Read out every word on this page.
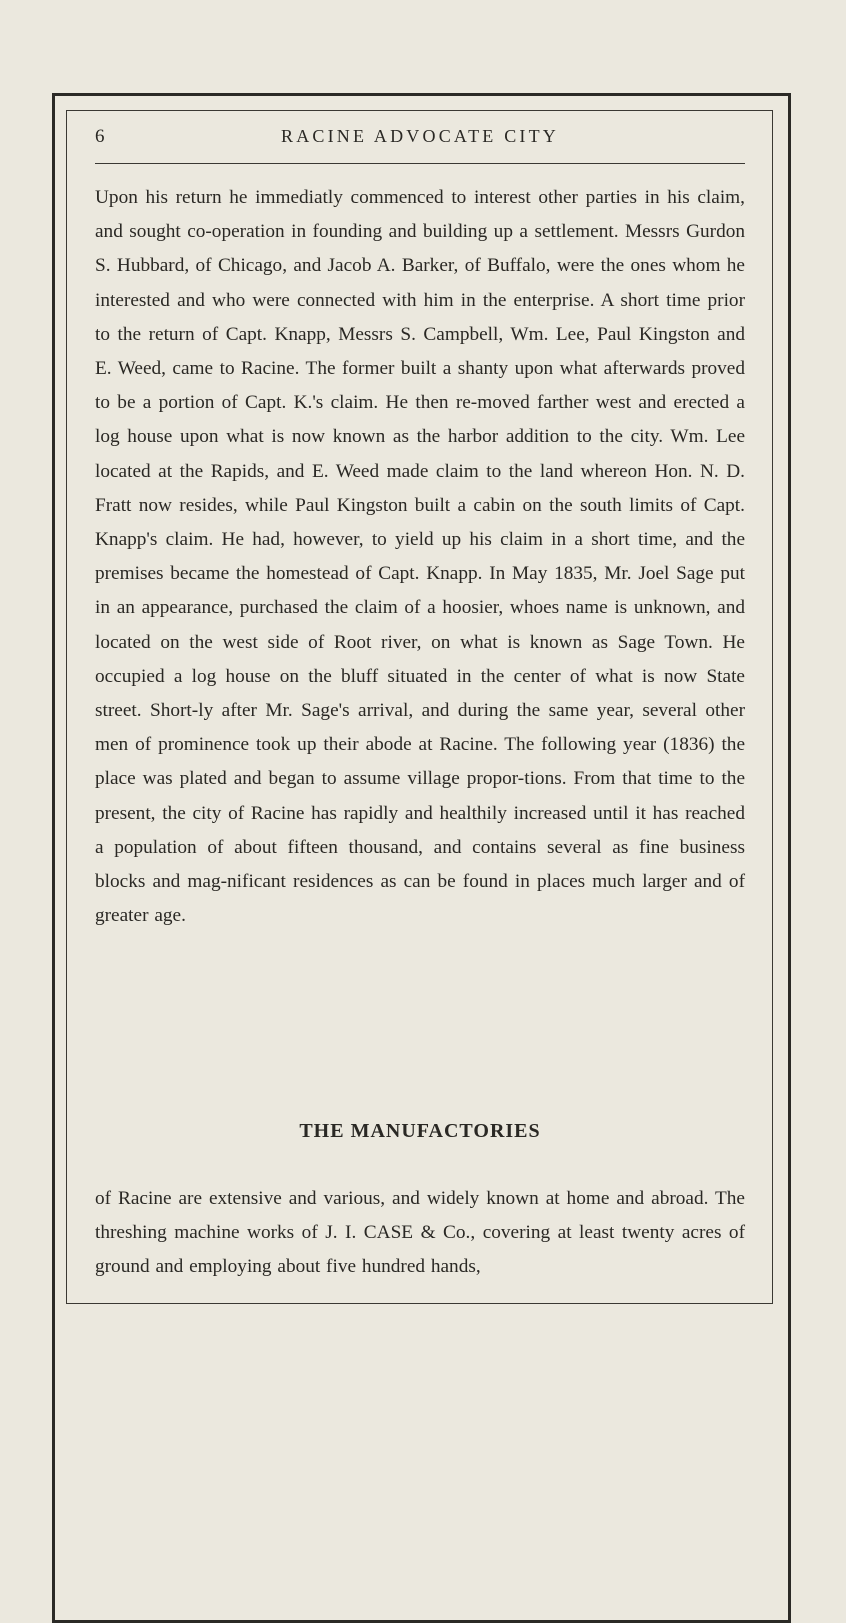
6	RACINE ADVOCATE CITY

Upon his return he immediatly commenced to interest other parties in his claim, and sought co-operation in founding and building up a settlement. Messrs Gurdon S. Hubbard, of Chicago, and Jacob A. Barker, of Buffalo, were the ones whom he interested and who were connected with him in the enterprise. A short time prior to the return of Capt. Knapp, Messrs S. Campbell, Wm. Lee, Paul Kingston and E. Weed, came to Racine. The former built a shanty upon what afterwards proved to be a portion of Capt. K.'s claim. He then re-moved farther west and erected a log house upon what is now known as the harbor addition to the city. Wm. Lee located at the Rapids, and E. Weed made claim to the land whereon Hon. N. D. Fratt now resides, while Paul Kingston built a cabin on the south limits of Capt. Knapp's claim. He had, however, to yield up his claim in a short time, and the premises became the homestead of Capt. Knapp. In May 1835, Mr. Joel Sage put in an appearance, purchased the claim of a hoosier, whoes name is unknown, and located on the west side of Root river, on what is known as Sage Town. He occupied a log house on the bluff situated in the center of what is now State street. Short-ly after Mr. Sage's arrival, and during the same year, several other men of prominence took up their abode at Racine. The following year (1836) the place was plated and began to assume village propor-tions. From that time to the present, the city of Racine has rapidly and healthily increased until it has reached a population of about fifteen thousand, and contains several as fine business blocks and mag-nificant residences as can be found in places much larger and of greater age.

THE MANUFACTORIES

of Racine are extensive and various, and widely known at home and abroad. The threshing machine works of J. I. CASE & Co., covering at least twenty acres of ground and employing about five hundred hands,
